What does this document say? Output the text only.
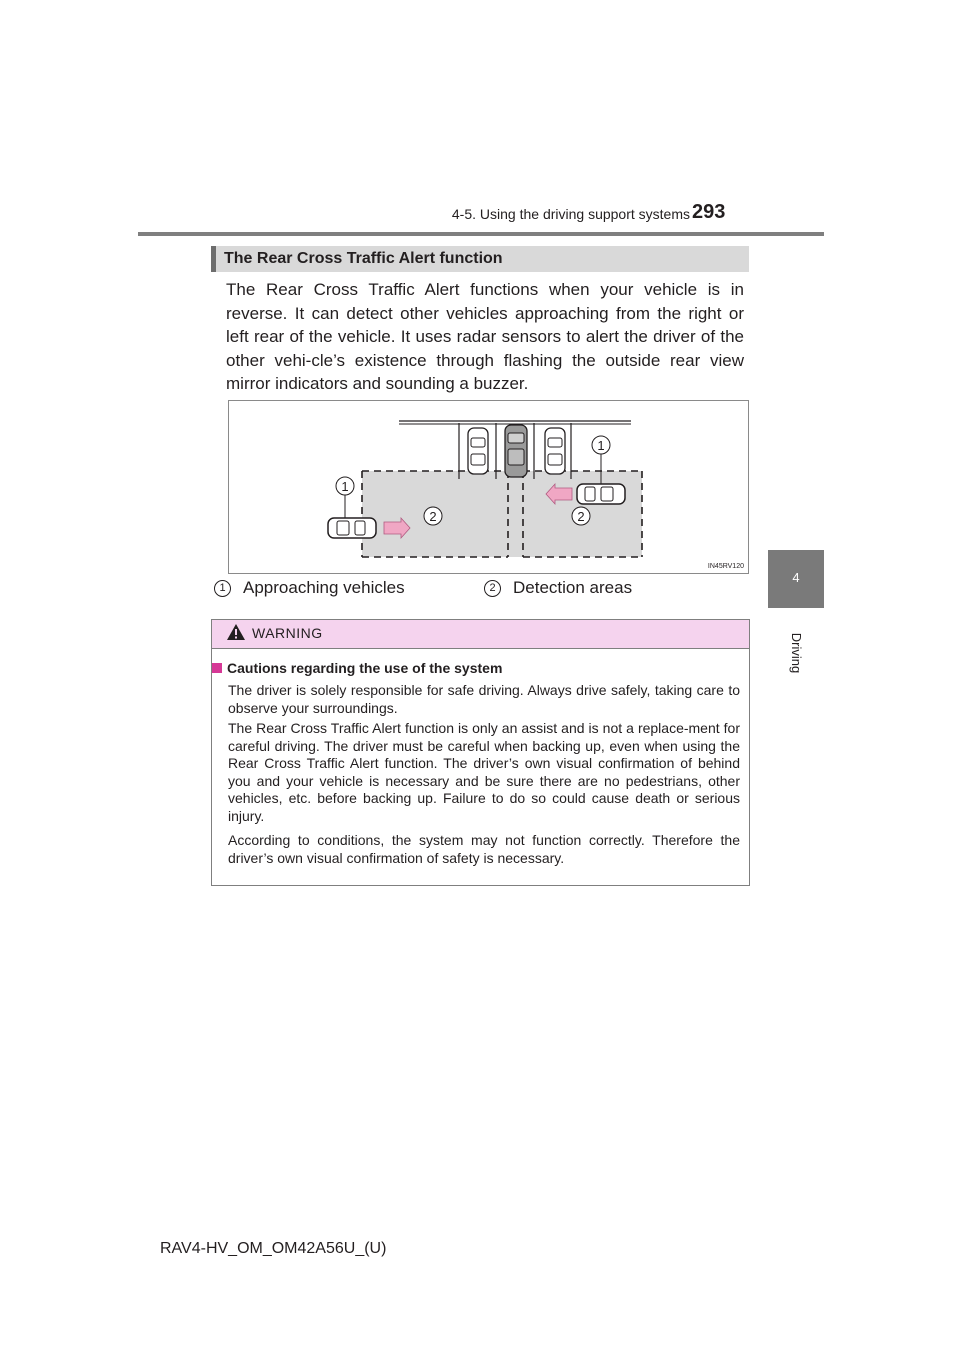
4-5. Using the driving support systems 293
4
Driving
The Rear Cross Traffic Alert function
The Rear Cross Traffic Alert functions when your vehicle is in reverse. It can detect other vehicles approaching from the right or left rear of the vehicle. It uses radar sensors to alert the driver of the other vehi-cle’s existence through flashing the outside rear view mirror indicators and sounding a buzzer.
1
1
2	2
IN45RV120
1 Approaching vehicles	2 Detection areas
WARNING
Cautions regarding the use of the system
The driver is solely responsible for safe driving. Always drive safely, taking care to observe your surroundings.
The Rear Cross Traffic Alert function is only an assist and is not a replace-ment for careful driving. The driver must be careful when backing up, even when using the Rear Cross Traffic Alert function. The driver’s own visual confirmation of behind you and your vehicle is necessary and be sure there are no pedestrians, other vehicles, etc. before backing up. Failure to do so could cause death or serious injury.
According to conditions, the system may not function correctly. Therefore the driver’s own visual confirmation of safety is necessary.
RAV4-HV_OM_OM42A56U_(U)
